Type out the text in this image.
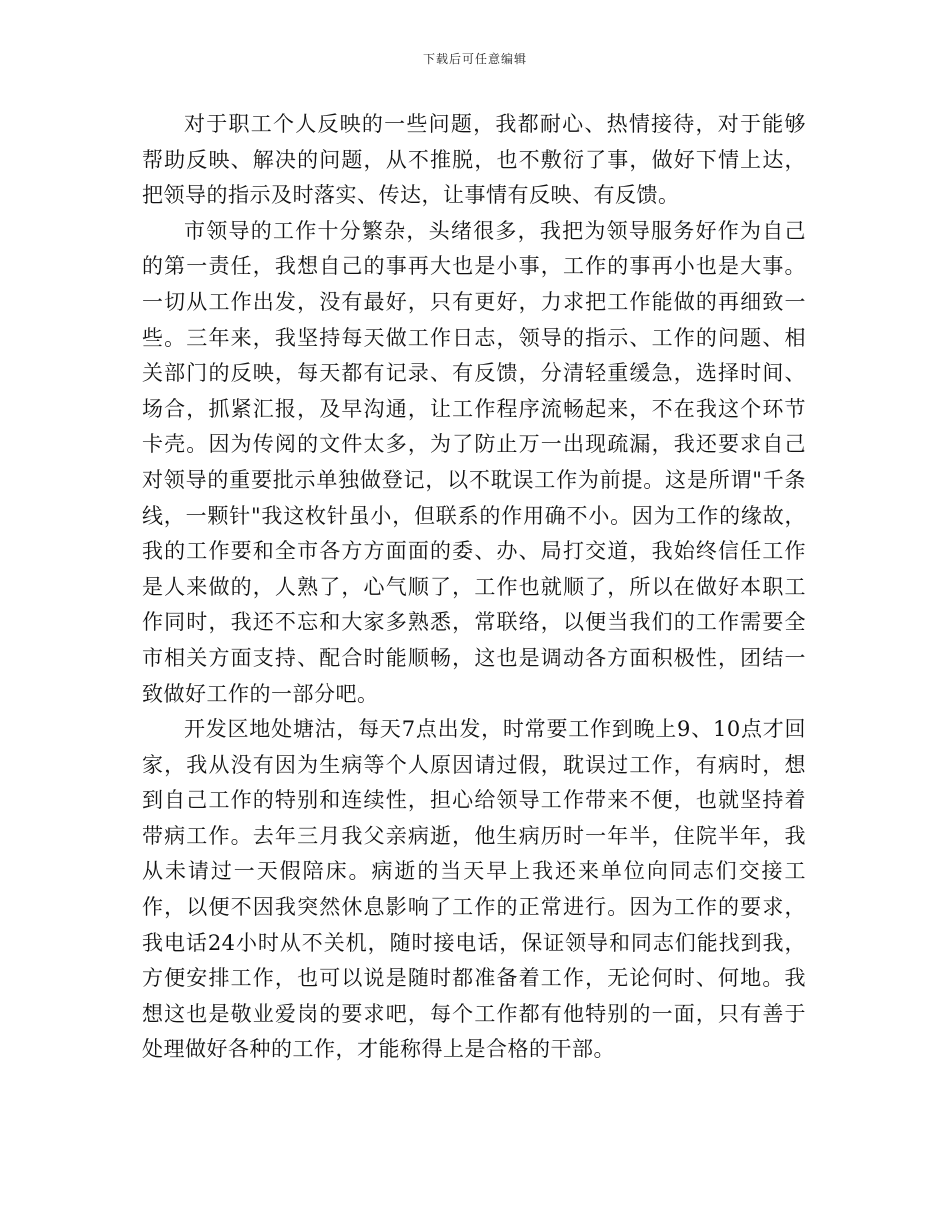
下载后可任意编辑

对于职工个人反映的一些问题，我都耐心、热情接待，对于能够帮助反映、解决的问题，从不推脱，也不敷衍了事，做好下情上达，把领导的指示及时落实、传达，让事情有反映、有反馈。

市领导的工作十分繁杂，头绪很多，我把为领导服务好作为自己的第一责任，我想自己的事再大也是小事，工作的事再小也是大事。一切从工作出发，没有最好，只有更好，力求把工作能做的再细致一些。三年来，我坚持每天做工作日志，领导的指示、工作的问题、相关部门的反映，每天都有记录、有反馈，分清轻重缓急，选择时间、场合，抓紧汇报，及早沟通，让工作程序流畅起来，不在我这个环节卡壳。因为传阅的文件太多，为了防止万一出现疏漏，我还要求自己对领导的重要批示单独做登记，以不耽误工作为前提。这是所谓"千条线，一颗针"我这枚针虽小，但联系的作用确不小。因为工作的缘故，我的工作要和全市各方方面面的委、办、局打交道，我始终信任工作是人来做的，人熟了，心气顺了，工作也就顺了，所以在做好本职工作同时，我还不忘和大家多熟悉，常联络，以便当我们的工作需要全市相关方面支持、配合时能顺畅，这也是调动各方面积极性，团结一致做好工作的一部分吧。

开发区地处塘沽，每天7点出发，时常要工作到晚上9、10点才回家，我从没有因为生病等个人原因请过假，耽误过工作，有病时，想到自己工作的特别和连续性，担心给领导工作带来不便，也就坚持着带病工作。去年三月我父亲病逝，他生病历时一年半，住院半年，我从未请过一天假陪床。病逝的当天早上我还来单位向同志们交接工作，以便不因我突然休息影响了工作的正常进行。因为工作的要求，我电话24小时从不关机，随时接电话，保证领导和同志们能找到我，方便安排工作，也可以说是随时都准备着工作，无论何时、何地。我想这也是敬业爱岗的要求吧，每个工作都有他特别的一面，只有善于处理做好各种的工作，才能称得上是合格的干部。
